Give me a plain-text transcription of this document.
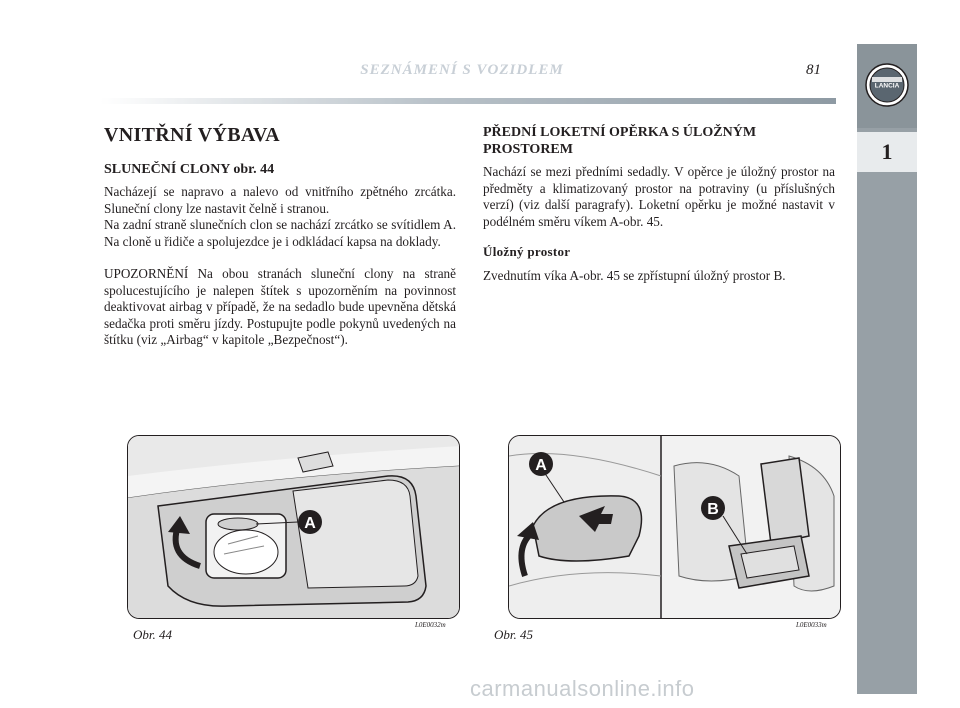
SEZNÁMENÍ S VOZIDLEM	81
LANCIA
1
VNITŘNÍ VÝBAVA
SLUNEČNÍ CLONY obr. 44

Nacházejí se napravo a nalevo od vnitřního zpětného zrcátka. Sluneční clony lze nastavit čelně i stranou.

Na zadní straně slunečních clon se nachází zrcátko se svítidlem A. Na cloně u řidiče a spolujezdce je i odkládací kapsa na doklady.

UPOZORNĚNÍ Na obou stranách sluneční clony na straně spolucestujícího je nalepen štítek s upozorněním na povinnost deaktivovat airbag v případě, že na sedadlo bude upevněna dětská sedačka proti směru jízdy. Postupujte podle pokynů uvedených na štítku (viz „Airbag“ v kapitole „Bezpečnost“).

PŘEDNÍ LOKETNÍ OPĚRKA S ÚLOŽNÝM PROSTOREM

Nachází se mezi předními sedadly. V opěrce je úložný prostor na předměty a klimatizovaný prostor na potraviny (u příslušných verzí) (viz další paragrafy). Loketní opěrku je možné nastavit v podélném směru víkem A-obr. 45.

Úložný prostor

Zvednutím víka A-obr. 45 se zpřístupní úložný prostor B.

A
Obr. 44
L0E0032m
A
B
Obr. 45
L0E0033m
carmanualsonline.info
